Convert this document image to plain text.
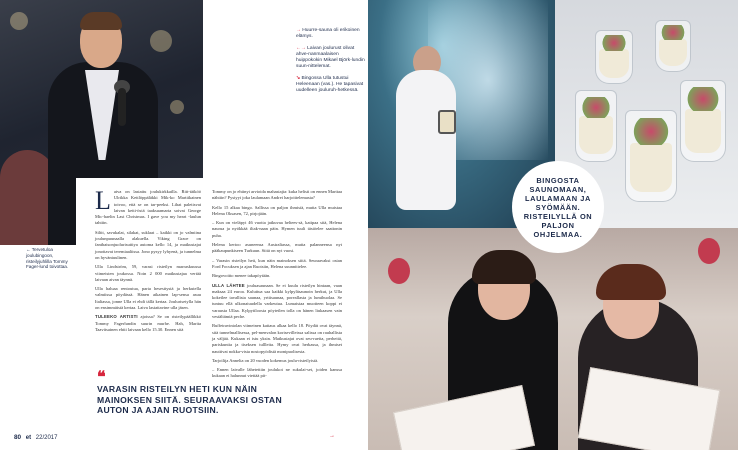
BINGOSTA SAUNOMAAN, LAULAMAAN JA SYÖMÄÄN. RISTEILYLLÄ ON PALJON OHJELMAA.
→ Huurre-sauna oli erikoinen elämys.
←→ Laivan joulurust olivat ahve-nanmaalaisen huippokokin Mikael Björk-lundin suun-nittelemat.
↘ Bingossa Ulla tutustui Heleenaan (vas.). He tapasivat uudelleen jouluruh-hetkessä.
← Tervetuloa joulubingoon, risteilyjuhlilla Tommy Fager-lund toivottaa.

Laiva on lastattu joulukirkkailla. Ritt-täiköö Ulrikka Kettlöppäläkki Mik-ko Martiikainen toivoo, että se on tar-peeksi. Lihat paletisvat laivan ketti-östä taaksuamarta soivat George Mic-haelin Last Christmas. I gave you my heart -laulun tahtiin.

Siltit, savukalat, silakat, suklaat – kaikki on jo valmiina joulunpuunaalla alakuella. Viking Grace on fantbaisonjuolurisuttiya automa kello 14, ja matkustajat jonottavat teremiaaliissa. Jono pysyy lyhyenä, ja tunnelma on hyväntuulinen.

Ulla Lindström, 59, varasi risteilyn marraskuussa viimeisten joukossa. Noin 2 000 matkustajaa vertää laivaan aivan täynnä.

Ulla haluaa rentoutua, parta hesesttystä ja herkutella valmiissa pöydässä. Hänen aikainen lap-sensa asuu Italiassa, jonne Ulla ei ehdi tällä kertaa. Joulurisetylla hän on ensimmäistä kertaa. Laiva lastattavine ulla jäsen.

TULEEKO ARTISTI ajoissa? Se on risteilypäällikkö Tommy Fagerlundin suurin murhe. Hah, Marita Taavitsainen ehtii laivaan kello 15.30. Ennen sitä

Tommy on jo ehtinyt arvioida mahastajia: kuka helisti on ennen Marttaa nähtiin? Pystyyi joka laulamaan Andrei harjoittelemasta?

Kello 15 alkaa bingo. Sallissa on paljon ihmisiä, mutta Ulla muistaa Helena Oksasen, 72, pirjojään.

– Kun on vieläpyt 46 vuotta jatkuvaa heltees-sä, katipaa sitä, Helena naurua ja nyökkää iltak-naan päin. Hymen tuuli tästöelee saattonin puha.

Helena kertoo asuneensa Australiassa, mutta palanneensa nyt pääkaupunkiseen Turkuun. Siitä on nyt vuosi.

– Varasin risteilyn heti, kun näin mainoksen siitä. Seuraavaksi ostan Ford Focuksen ja ajan Ruotsiin, Helena suunnittelee.

Bingovoitto menee takapöytään.

ULLA LÄHTEE jouluasaunaan. Se ei kuulu risteilyn hintaan, vaan maksaa 24 euroa. Kuluttua saa kaikki kylpyläsaunoin herkut, ja Ulla kokeilee tavallista saunaa, yrttisaunaa, poreallasta ja lumihuolaa. Se tuntuu ellä ulkonaiuudella varkeutua. Lumaistaa muotteen koppi ei varausta Ullaa. Kylpytiloosta pöyteilen tolla on hänen liukaasen vain vestältämiä peche.

Buffetravintolan viimeinen kattaus alkaa kello 18. Pöydät ovat täynnä, sitä tunnelmallisessa, pel-menvalon korisevilleissa salissa on rauhallista ja väljää. Kukaan ei istu yksin. Matkustajat ovat seu-rueita, perheitä, pariskuntia ja tiseksen tullleita. Hymy ovat herkassa, ja ihmiset nauttivat nokka-vista nostopyödistä monipuolisesta.

Tarjoilija Annelia on 20 vuoden kokemus joulu-risteilyistä.

– Ennen laivalle lähetettiin joulukot ne sukulai-set, joiden kanssa kukaan ei halunnut viettää pit-

❝
VARASIN RISTEILYN HETI KUN NÄIN MAINOKSEN SIITÄ. SEURAAVAKSI OSTAN AUTON JA AJAN RUOTSIIN.
80 et 22/2017	→
